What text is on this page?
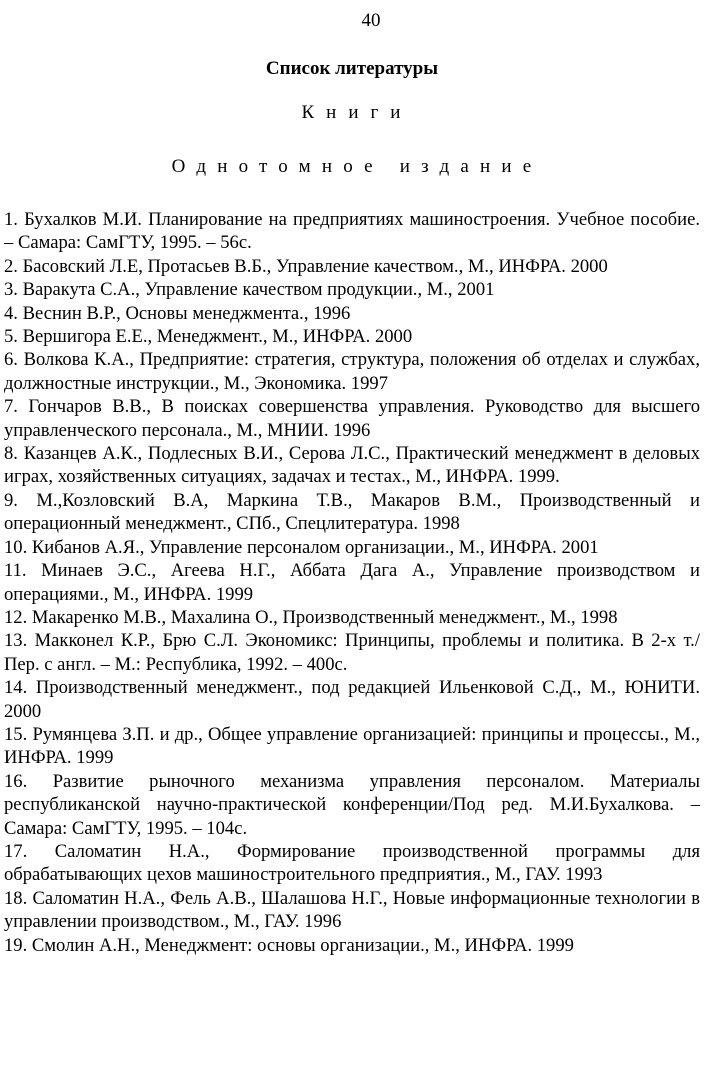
40
Список литературы
Книги
Однотомное издание
1. Бухалков М.И. Планирование на предприятиях машиностроения. Учебное пособие. – Самара: СамГТУ, 1995. – 56с.
2. Басовский Л.Е, Протасьев В.Б., Управление качеством., М., ИНФРА. 2000
3. Варакута С.А., Управление качеством продукции., М., 2001
4. Веснин В.Р., Основы менеджмента., 1996
5. Вершигора Е.Е., Менеджмент., М., ИНФРА. 2000
6. Волкова К.А., Предприятие: стратегия, структура, положения об отделах и службах, должностные инструкции., М., Экономика. 1997
7. Гончаров В.В., В поисках совершенства управления. Руководство для высшего управленческого персонала., М., МНИИ. 1996
8. Казанцев А.К., Подлесных В.И., Серова Л.С., Практический менеджмент в деловых играх, хозяйственных ситуациях, задачах и тестах., М., ИНФРА. 1999.
9. М.,Козловский В.А, Маркина Т.В., Макаров В.М., Производственный и операционный менеджмент., СПб., Спецлитература. 1998
10. Кибанов А.Я., Управление персоналом организации., М., ИНФРА. 2001
11. Минаев Э.С., Агеева Н.Г., Аббата Дага А., Управление производством и операциями., М., ИНФРА. 1999
12. Макаренко М.В., Махалина О., Производственный менеджмент., М., 1998
13. Макконел К.Р., Брю С.Л. Экономикс: Принципы, проблемы и политика. В 2-х т./Пер. с англ. – М.: Республика, 1992. – 400с.
14. Производственный менеджмент., под редакцией Ильенковой С.Д., М., ЮНИТИ. 2000
15. Румянцева З.П. и др., Общее управление организацией: принципы и процессы., М., ИНФРА. 1999
16. Развитие рыночного механизма управления персоналом. Материалы республиканской научно-практической конференции/Под ред. М.И.Бухалкова. – Самара: СамГТУ, 1995. – 104с.
17. Саломатин Н.А., Формирование производственной программы для обрабатывающих цехов машиностроительного предприятия., М., ГАУ. 1993
18. Саломатин Н.А., Фель А.В., Шалашова Н.Г., Новые информационные технологии в управлении производством., М., ГАУ. 1996
19. Смолин А.Н., Менеджмент: основы организации., М., ИНФРА. 1999
